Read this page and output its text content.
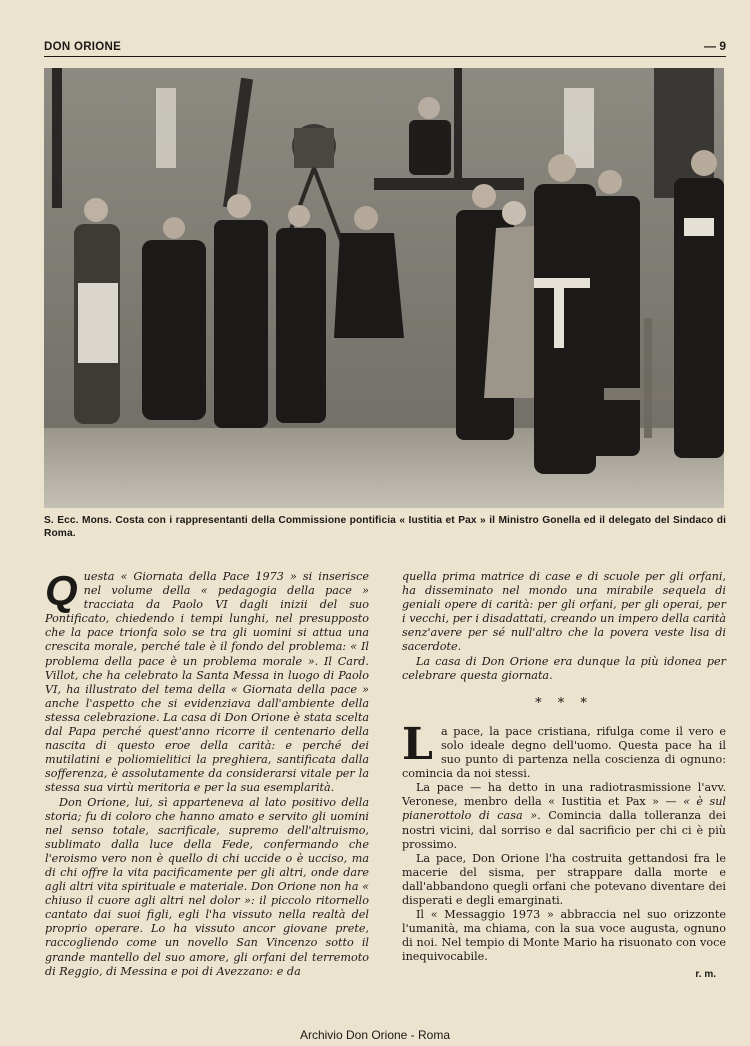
DON ORIONE	— 9
S. Ecc. Mons. Costa con i rappresentanti della Commissione pontificia « Iustitia et Pax » il Ministro Gonella ed il delegato del Sindaco di Roma.

Questa « Giornata della Pace 1973 » si inserisce nel volume della « pedagogia della pace » tracciata da Paolo VI dagli inizii del suo Pontificato, chiedendo i tempi lunghi, nel presupposto che la pace trionfa solo se tra gli uomini si attua una crescita morale, perché tale è il fondo del problema: « Il problema della pace è un problema morale ». Il Card. Villot, che ha celebrato la Santa Messa in luogo di Paolo VI, ha illustrato del tema della « Giornata della pace » anche l'aspetto che si evidenziava dall'ambiente della stessa celebrazione. La casa di Don Orione è stata scelta dal Papa perché quest'anno ricorre il centenario della nascita di questo eroe della carità: e perché dei mutilatini e poliomielitici la preghiera, santificata dalla sofferenza, è assolutamente da considerarsi vitale per la stessa sua virtù meritoria e per la sua esemplarità.

Don Orione, lui, sì apparteneva al lato positivo della storia; fu di coloro che hanno amato e servito gli uomini nel senso totale, sacrificale, supremo dell'altruismo, sublimato dalla luce della Fede, confermando che l'eroismo vero non è quello di chi uccide o è ucciso, ma di chi offre la vita pacificamente per gli altri, onde dare agli altri vita spirituale e materiale. Don Orione non ha « chiuso il cuore agli altri nel dolor »: il piccolo ritornello cantato dai suoi figli, egli l'ha vissuto nella realtà del proprio operare. Lo ha vissuto ancor giovane prete, raccogliendo come un novello San Vincenzo sotto il grande mantello del suo amore, gli orfani del terremoto di Reggio, di Messina e poi di Avezzano: e da

quella prima matrice di case e di scuole per gli orfani, ha disseminato nel mondo una mirabile sequela di geniali opere di carità: per gli orfani, per gli operai, per i vecchi, per i disadattati, creando un impero della carità senz'avere per sé null'altro che la povera veste lisa di sacerdote.

La casa di Don Orione era dunque la più idonea per celebrare questa giornata.

* * *

La pace, la pace cristiana, rifulga come il vero e solo ideale degno dell'uomo. Questa pace ha il suo punto di partenza nella coscienza di ognuno: comincia da noi stessi.

La pace — ha detto in una radiotrasmissione l'avv. Veronese, menbro della « Iustitia et Pax » — « è sul pianerottolo di casa ». Comincia dalla tolleranza dei nostri vicini, dal sorriso e dal sacrificio per chi ci è più prossimo.

La pace, Don Orione l'ha costruita gettandosi fra le macerie del sisma, per strappare dalla morte e dall'abbandono quegli orfani che potevano diventare dei disperati e degli emarginati.

Il « Messaggio 1973 » abbraccia nel suo orizzonte l'umanità, ma chiama, con la sua voce augusta, ognuno di noi. Nel tempio di Monte Mario ha risuonato con voce inequivocabile.

r. m.
Archivio Don Orione - Roma
